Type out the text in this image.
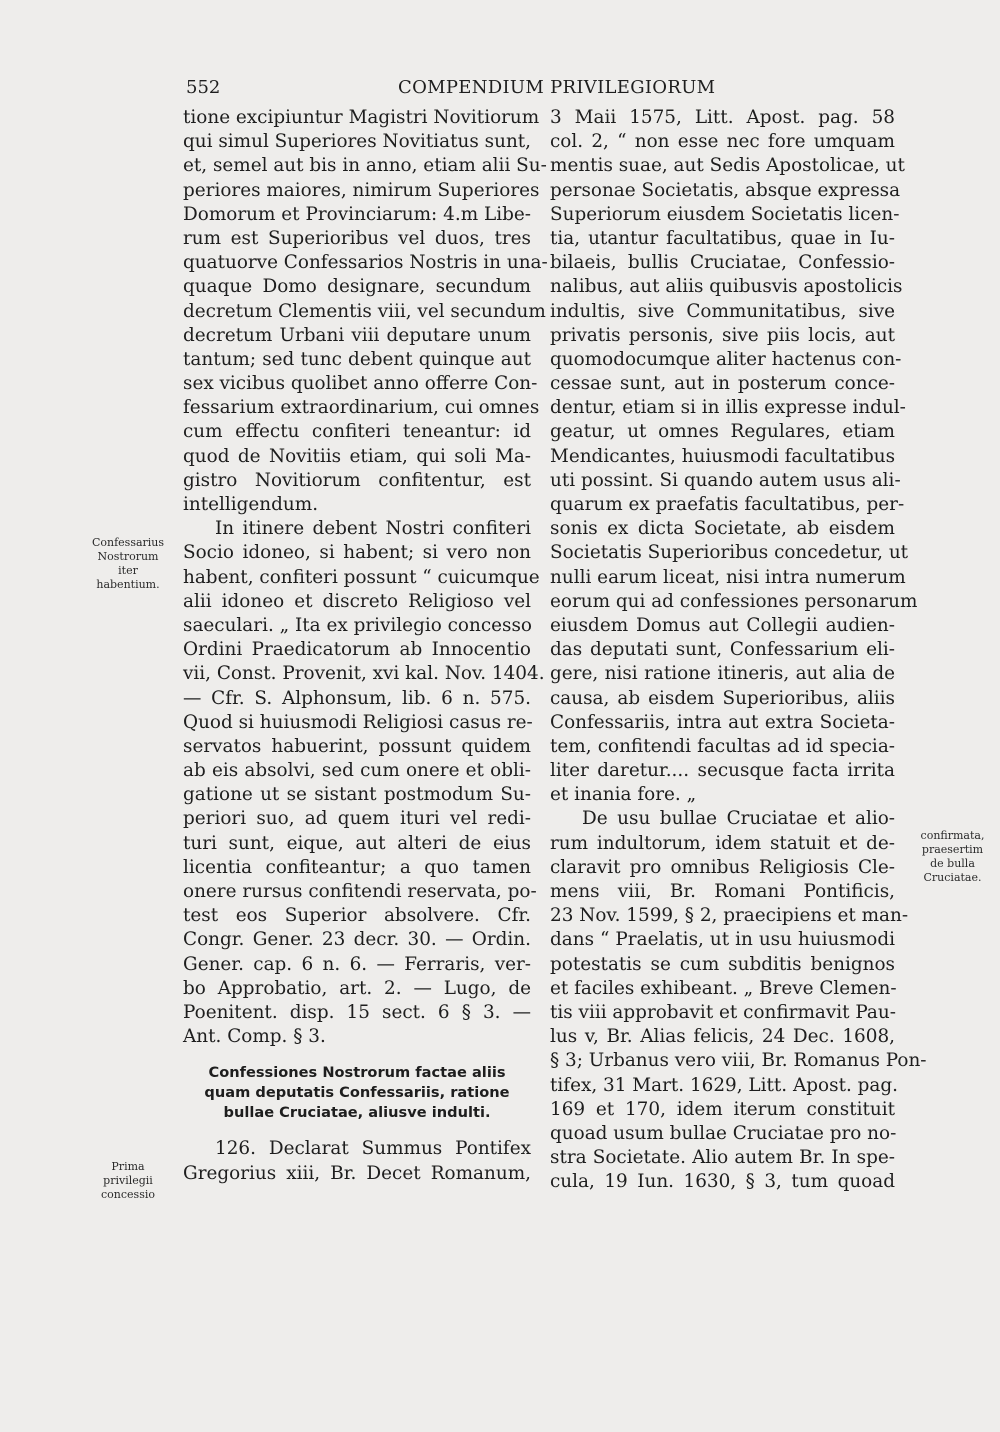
552	COMPENDIUM PRIVILEGIORUM
tione excipiuntur Magistri Novitiorum
qui simul Superiores Novitiatus sunt,
et, semel aut bis in anno, etiam alii Su-
periores maiores, nimirum Superiores
Domorum et Provinciarum: 4.m Libe-
rum est Superioribus vel duos, tres
quatuorve Confessarios Nostris in una-
quaque Domo designare, secundum
decretum Clementis viii, vel secundum
decretum Urbani viii deputare unum
tantum; sed tunc debent quinque aut
sex vicibus quolibet anno offerre Con-
fessarium extraordinarium, cui omnes
cum effectu confiteri teneantur: id
quod de Novitiis etiam, qui soli Ma-
gistro Novitiorum confitentur, est
intelligendum.
In itinere debent Nostri confiteri
Socio idoneo, si habent; si vero non
habent, confiteri possunt “ cuicumque
alii idoneo et discreto Religioso vel
saeculari. „ Ita ex privilegio concesso
Ordini Praedicatorum ab Innocentio
vii, Const. Provenit, xvi kal. Nov. 1404.
— Cfr. S. Alphonsum, lib. 6 n. 575.
Quod si huiusmodi Religiosi casus re-
servatos habuerint, possunt quidem
ab eis absolvi, sed cum onere et obli-
gatione ut se sistant postmodum Su-
periori suo, ad quem ituri vel redi-
turi sunt, eique, aut alteri de eius
licentia confiteantur; a quo tamen
onere rursus confitendi reservata, po-
test eos Superior absolvere. Cfr.
Congr. Gener. 23 decr. 30. — Ordin.
Gener. cap. 6 n. 6. — Ferraris, ver-
bo Approbatio, art. 2. — Lugo, de
Poenitent. disp. 15 sect. 6 § 3. —
Ant. Comp. § 3.
Confessiones Nostrorum factae aliis
quam deputatis Confessariis, ratione
bullae Cruciatae, aliusve indulti.
126. Declarat Summus Pontifex
Gregorius xiii, Br. Decet Romanum,
3 Maii 1575, Litt. Apost. pag. 58
col. 2, “ non esse nec fore umquam
mentis suae, aut Sedis Apostolicae, ut
personae Societatis, absque expressa
Superiorum eiusdem Societatis licen-
tia, utantur facultatibus, quae in Iu-
bilaeis, bullis Cruciatae, Confessio-
nalibus, aut aliis quibusvis apostolicis
indultis, sive Communitatibus, sive
privatis personis, sive piis locis, aut
quomodocumque aliter hactenus con-
cessae sunt, aut in posterum conce-
dentur, etiam si in illis expresse indul-
geatur, ut omnes Regulares, etiam
Mendicantes, huiusmodi facultatibus
uti possint. Si quando autem usus ali-
quarum ex praefatis facultatibus, per-
sonis ex dicta Societate, ab eisdem
Societatis Superioribus concedetur, ut
nulli earum liceat, nisi intra numerum
eorum qui ad confessiones personarum
eiusdem Domus aut Collegii audien-
das deputati sunt, Confessarium eli-
gere, nisi ratione itineris, aut alia de
causa, ab eisdem Superioribus, aliis
Confessariis, intra aut extra Societa-
tem, confitendi facultas ad id specia-
liter daretur.... secusque facta irrita
et inania fore. „
De usu bullae Cruciatae et alio-
rum indultorum, idem statuit et de-
claravit pro omnibus Religiosis Cle-
mens viii, Br. Romani Pontificis,
23 Nov. 1599, § 2, praecipiens et man-
dans “ Praelatis, ut in usu huiusmodi
potestatis se cum subditis benignos
et faciles exhibeant. „ Breve Clemen-
tis viii approbavit et confirmavit Pau-
lus v, Br. Alias felicis, 24 Dec. 1608,
§ 3; Urbanus vero viii, Br. Romanus Pon-
tifex, 31 Mart. 1629, Litt. Apost. pag.
169 et 170, idem iterum constituit
quoad usum bullae Cruciatae pro no-
stra Societate. Alio autem Br. In spe-
cula, 19 Iun. 1630, § 3, tum quoad
Confessarius
Nostrorum
iter
habentium.
Prima
privilegii
concessio
confirmata,
praesertim
de bulla
Cruciatae.
